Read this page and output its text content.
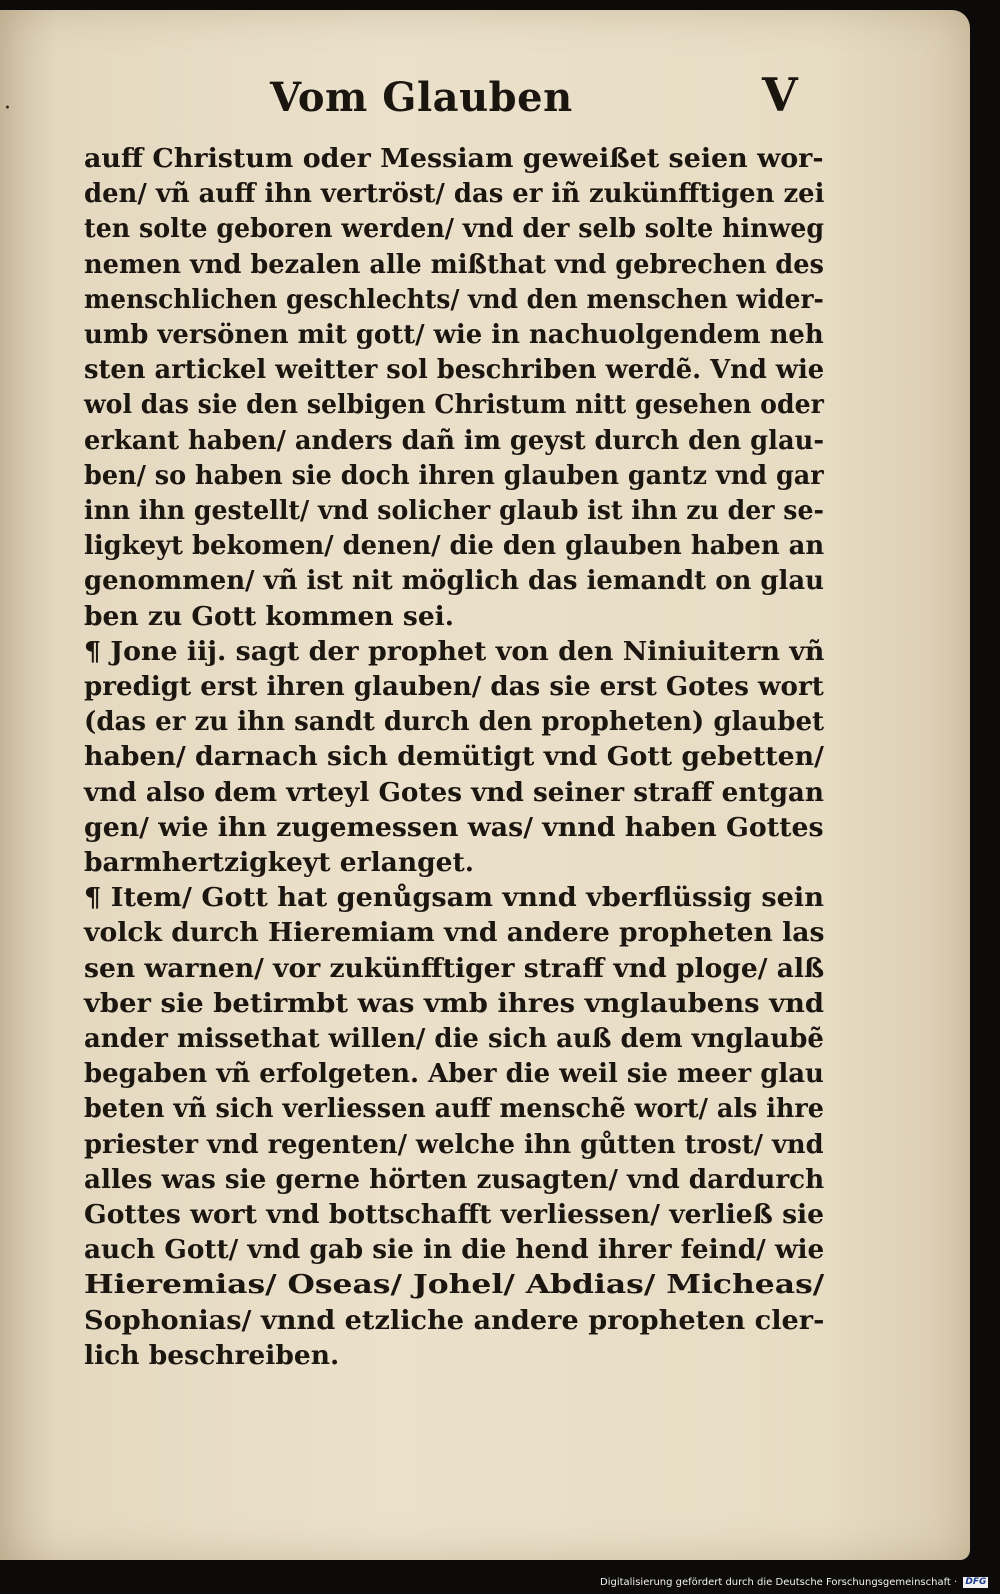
·	Vom Glauben	V
auff Christum oder Messiam geweißet seien wor-
den/ vñ auff ihn vertröst/ das er iñ zukünfftigen zei
ten solte geboren werden/ vnd der selb solte hinweg
nemen vnd bezalen alle mißthat vnd gebrechen des
menschlichen geschlechts/ vnd den menschen wider-
umb versönen mit gott/ wie in nachuolgendem neh
sten artickel weitter sol beschriben werdẽ. Vnd wie
wol das sie den selbigen Christum nitt gesehen oder
erkant haben/ anders dañ im geyst durch den glau-
ben/ so haben sie doch ihren glauben gantz vnd gar
inn ihn gestellt/ vnd solicher glaub ist ihn zu der se-
ligkeyt bekomen/ denen/ die den glauben haben an
genommen/ vñ ist nit möglich das iemandt on glau
ben zu Gott kommen sei.
¶ Jone iij. sagt der prophet von den Niniuitern vñ
predigt erst ihren glauben/ das sie erst Gotes wort
(das er zu ihn sandt durch den propheten) glaubet
haben/ darnach sich demütigt vnd Gott gebetten/
vnd also dem vrteyl Gotes vnd seiner straff entgan
gen/ wie ihn zugemessen was/ vnnd haben Gottes
barmhertzigkeyt erlanget.
¶ Item/ Gott hat genůgsam vnnd vberflüssig sein
volck durch Hieremiam vnd andere propheten las
sen warnen/ vor zukünfftiger straff vnd ploge/ alß
vber sie betirmbt was vmb ihres vnglaubens vnd
ander missethat willen/ die sich auß dem vnglaubẽ
begaben vñ erfolgeten. Aber die weil sie meer glau
beten vñ sich verliessen auff menschẽ wort/ als ihre
priester vnd regenten/ welche ihn gůtten trost/ vnd
alles was sie gerne hörten zusagten/ vnd dardurch
Gottes wort vnd bottschafft verliessen/ verließ sie
auch Gott/ vnd gab sie in die hend ihrer feind/ wie
Hieremias/ Oseas/ Johel/ Abdias/ Micheas/
Sophonias/ vnnd etzliche andere propheten cler-
lich beschreiben.
Digitalisierung gefördert durch die Deutsche Forschungsgemeinschaft · DFG
